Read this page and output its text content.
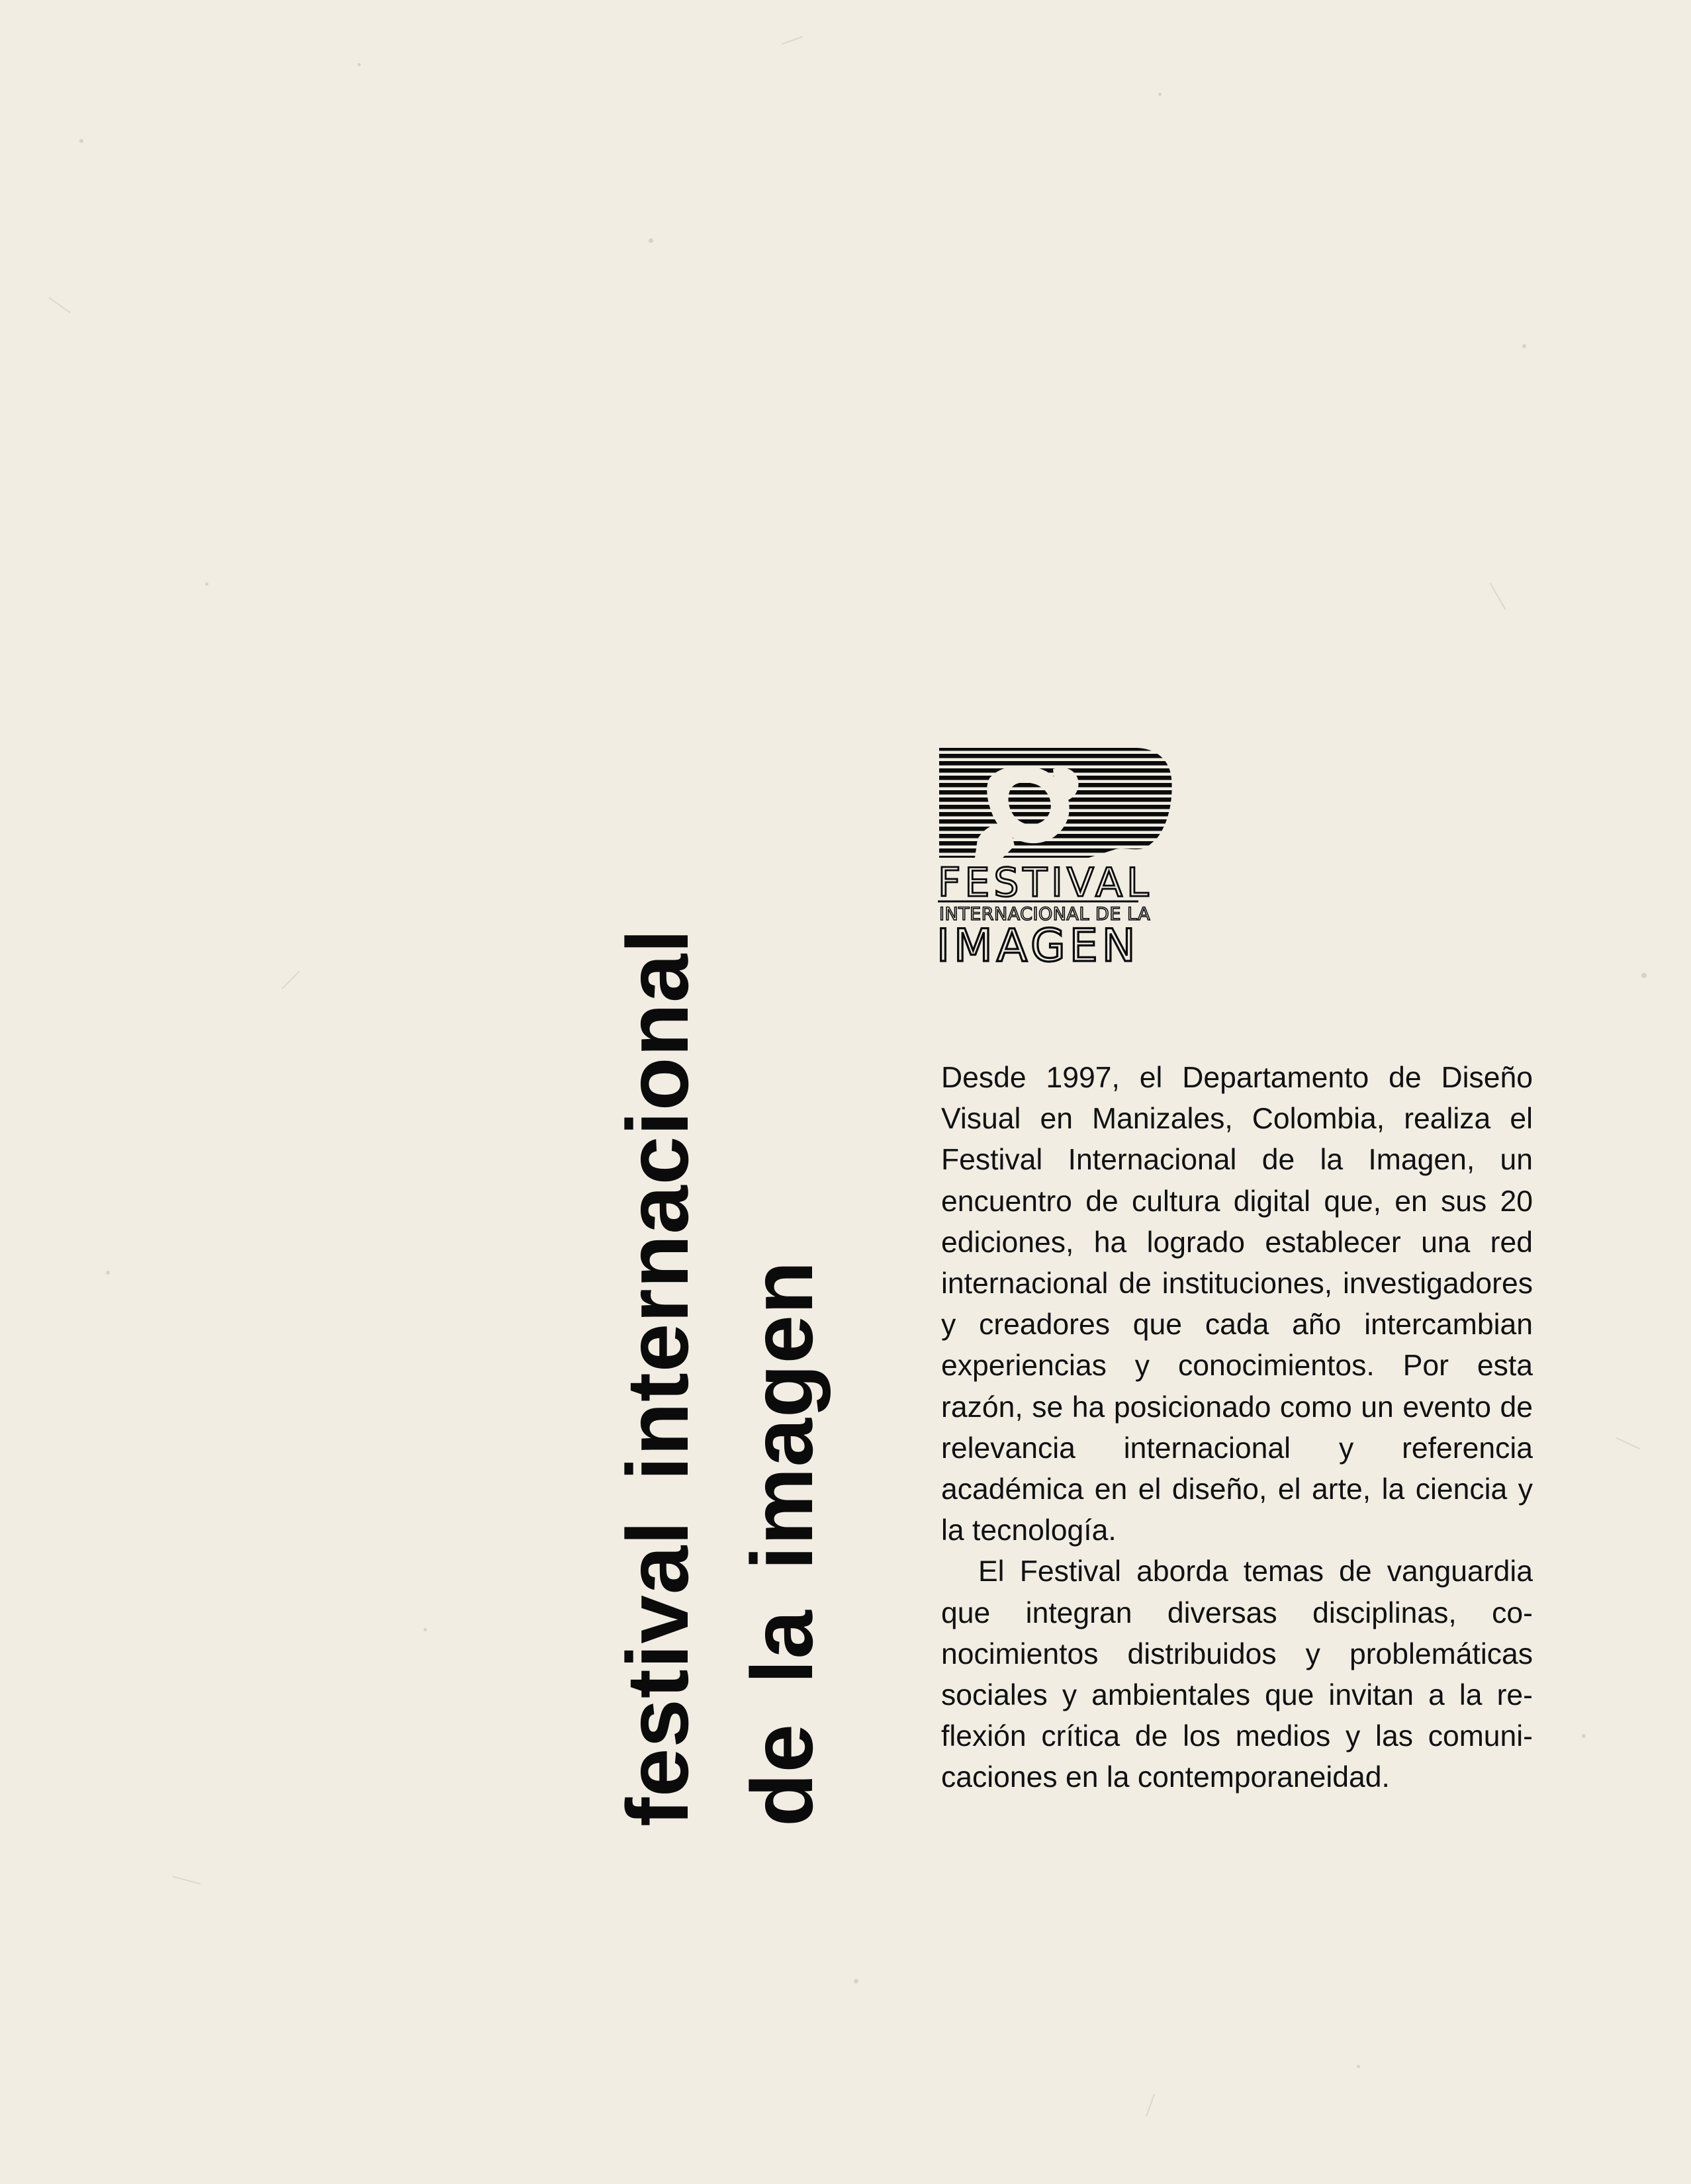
festival internacional de la imagen
FESTIVAL
INTERNACIONAL DE LA
IMAGEN

Desde 1997, el Departamento de Diseño Visual en Manizales, Colombia, realiza el Festival Internacional de la Imagen, un encuentro de cultura digital que, en sus 20 ediciones, ha logrado establecer una red internacional de instituciones, investigadores y creadores que cada año intercambian experiencias y conocimientos. Por esta razón, se ha posicionado como un evento de relevancia internacional y referencia académica en el diseño, el arte, la ciencia y la tecnología.

El Festival aborda temas de vanguardia que integran diversas disciplinas, conocimientos distribuidos y problemáticas sociales y ambientales que invitan a la reflexión crítica de los medios y las comunicaciones en la contemporaneidad.
